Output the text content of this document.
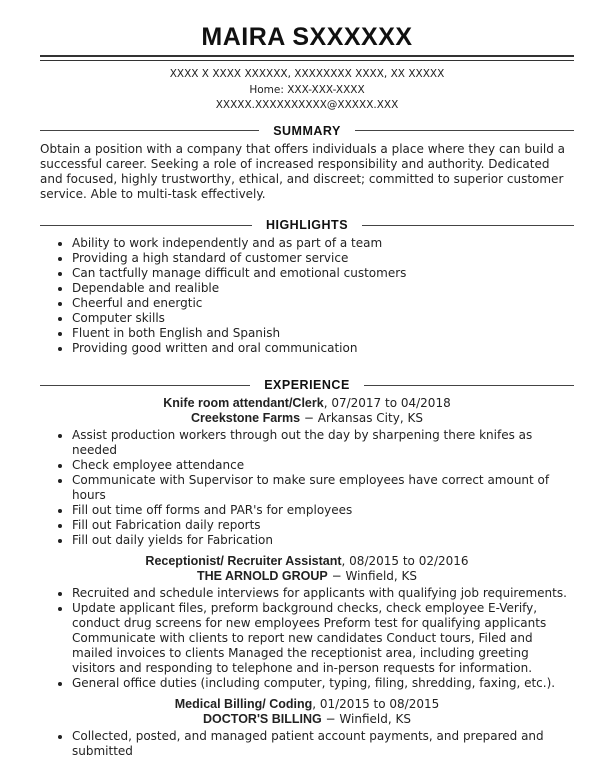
MAIRA SXXXXXX
XXXX X XXXX XXXXXX, XXXXXXXX XXXX, XX XXXXX
Home: XXX-XXX-XXXX
XXXXX.XXXXXXXXXX@XXXXX.XXX
SUMMARY
Obtain a position with a company that offers individuals a place where they can build a successful career. Seeking a role of increased responsibility and authority. Dedicated and focused, highly trustworthy, ethical, and discreet; committed to superior customer service. Able to multi-task effectively.
HIGHLIGHTS
• Ability to work independently and as part of a team
• Providing a high standard of customer service
• Can tactfully manage difficult and emotional customers
• Dependable and realible
• Cheerful and energtic
• Computer skills
• Fluent in both English and Spanish
• Providing good written and oral communication
EXPERIENCE
Knife room attendant/Clerk, 07/2017 to 04/2018
Creekstone Farms − Arkansas City, KS
• Assist production workers through out the day by sharpening there knifes as needed
• Check employee attendance
• Communicate with Supervisor to make sure employees have correct amount of hours
• Fill out time off forms and PAR's for employees
• Fill out Fabrication daily reports
• Fill out daily yields for Fabrication
Receptionist/ Recruiter Assistant, 08/2015 to 02/2016
THE ARNOLD GROUP − Winfield, KS
• Recruited and schedule interviews for applicants with qualifying job requirements.
• Update applicant files, preform background checks, check employee E-Verify, conduct drug screens for new employees Preform test for qualifying applicants Communicate with clients to report new candidates Conduct tours, Filed and mailed invoices to clients Managed the receptionist area, including greeting visitors and responding to telephone and in-person requests for information.
• General office duties (including computer, typing, filing, shredding, faxing, etc.).
Medical Billing/ Coding, 01/2015 to 08/2015
DOCTOR'S BILLING − Winfield, KS
• Collected, posted, and managed patient account payments, and prepared and submitted
